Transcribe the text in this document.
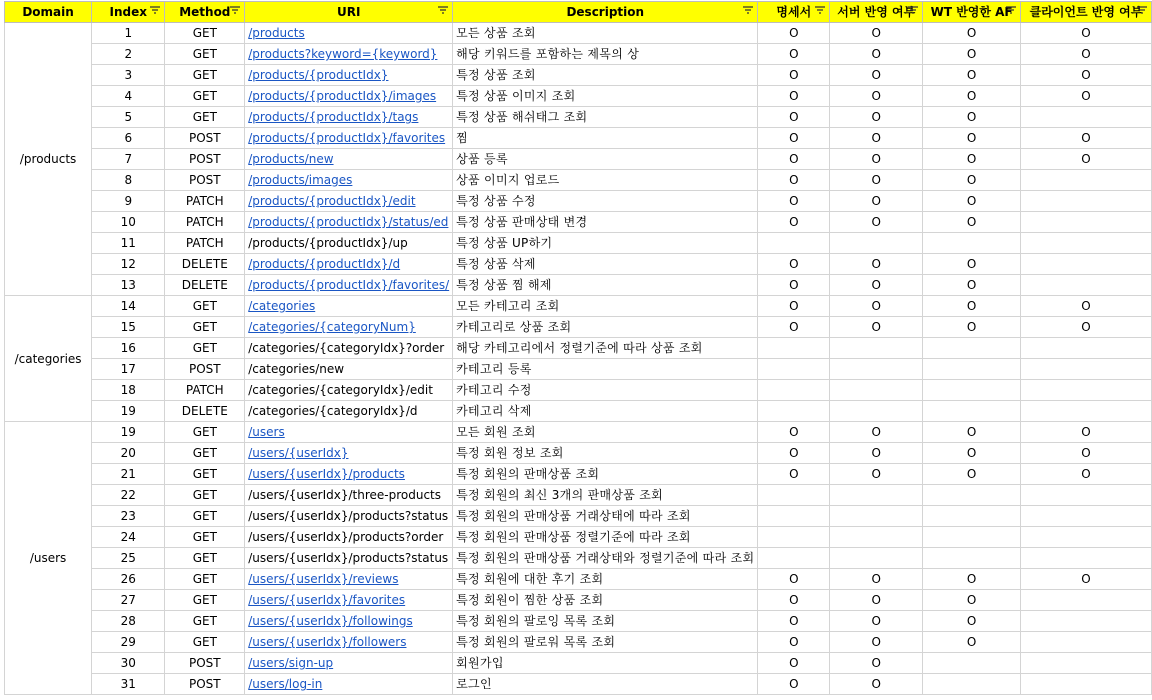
Domain	Index	Method	URI	Description	명세서	서버 반영 여부	WT 반영한 AF	클라이언트 반영 여부

/products	1	GET	/products	모든 상품 조회	O	O	O	O
	2	GET	/products?keyword={keyword}	해당 키워드를 포함하는 제목의 상	O	O	O	O
	3	GET	/products/{productIdx}	특정 상품 조회	O	O	O	O
	4	GET	/products/{productIdx}/images	특정 상품 이미지 조회	O	O	O	O
	5	GET	/products/{productIdx}/tags	특정 상품 해쉬태그 조회	O	O	O	
	6	POST	/products/{productIdx}/favorites	찜	O	O	O	O
	7	POST	/products/new	상품 등록	O	O	O	O
	8	POST	/products/images	상품 이미지 업로드	O	O	O	
	9	PATCH	/products/{productIdx}/edit	특정 상품 수정	O	O	O	
	10	PATCH	/products/{productIdx}/status/ed	특정 상품 판매상태 변경	O	O	O	
	11	PATCH	/products/{productIdx}/up	특정 상품 UP하기				
	12	DELETE	/products/{productIdx}/d	특정 상품 삭제	O	O	O	
	13	DELETE	/products/{productIdx}/favorites/	특정 상품 찜 해제	O	O	O	
/categories	14	GET	/categories	모든 카테고리 조회	O	O	O	O
	15	GET	/categories/{categoryNum}	카테고리로 상품 조회	O	O	O	O
	16	GET	/categories/{categoryIdx}?order	해당 카테고리에서 정렬기준에 따라 상품 조회				
	17	POST	/categories/new	카테고리 등록				
	18	PATCH	/categories/{categoryIdx}/edit	카테고리 수정				
	19	DELETE	/categories/{categoryIdx}/d	카테고리 삭제				
/users	19	GET	/users	모든 회원 조회	O	O	O	O
	20	GET	/users/{userIdx}	특정 회원 정보 조회	O	O	O	O
	21	GET	/users/{userIdx}/products	특정 회원의 판매상품 조회	O	O	O	O
	22	GET	/users/{userIdx}/three-products	특정 회원의 최신 3개의 판매상품 조회				
	23	GET	/users/{userIdx}/products?status	특정 회원의 판매상품 거래상태에 따라 조회				
	24	GET	/users/{userIdx}/products?order	특정 회원의 판매상품 정렬기준에 따라 조회				
	25	GET	/users/{userIdx}/products?status	특정 회원의 판매상품 거래상태와 정렬기준에 따라 조회				
	26	GET	/users/{userIdx}/reviews	특정 회원에 대한 후기 조회	O	O	O	O
	27	GET	/users/{userIdx}/favorites	특정 회원이 찜한 상품 조회	O	O	O	
	28	GET	/users/{userIdx}/followings	특정 회원의 팔로잉 목록 조회	O	O	O	
	29	GET	/users/{userIdx}/followers	특정 회원의 팔로워 목록 조회	O	O	O	
	30	POST	/users/sign-up	회원가입	O	O		
	31	POST	/users/log-in	로그인	O	O		
